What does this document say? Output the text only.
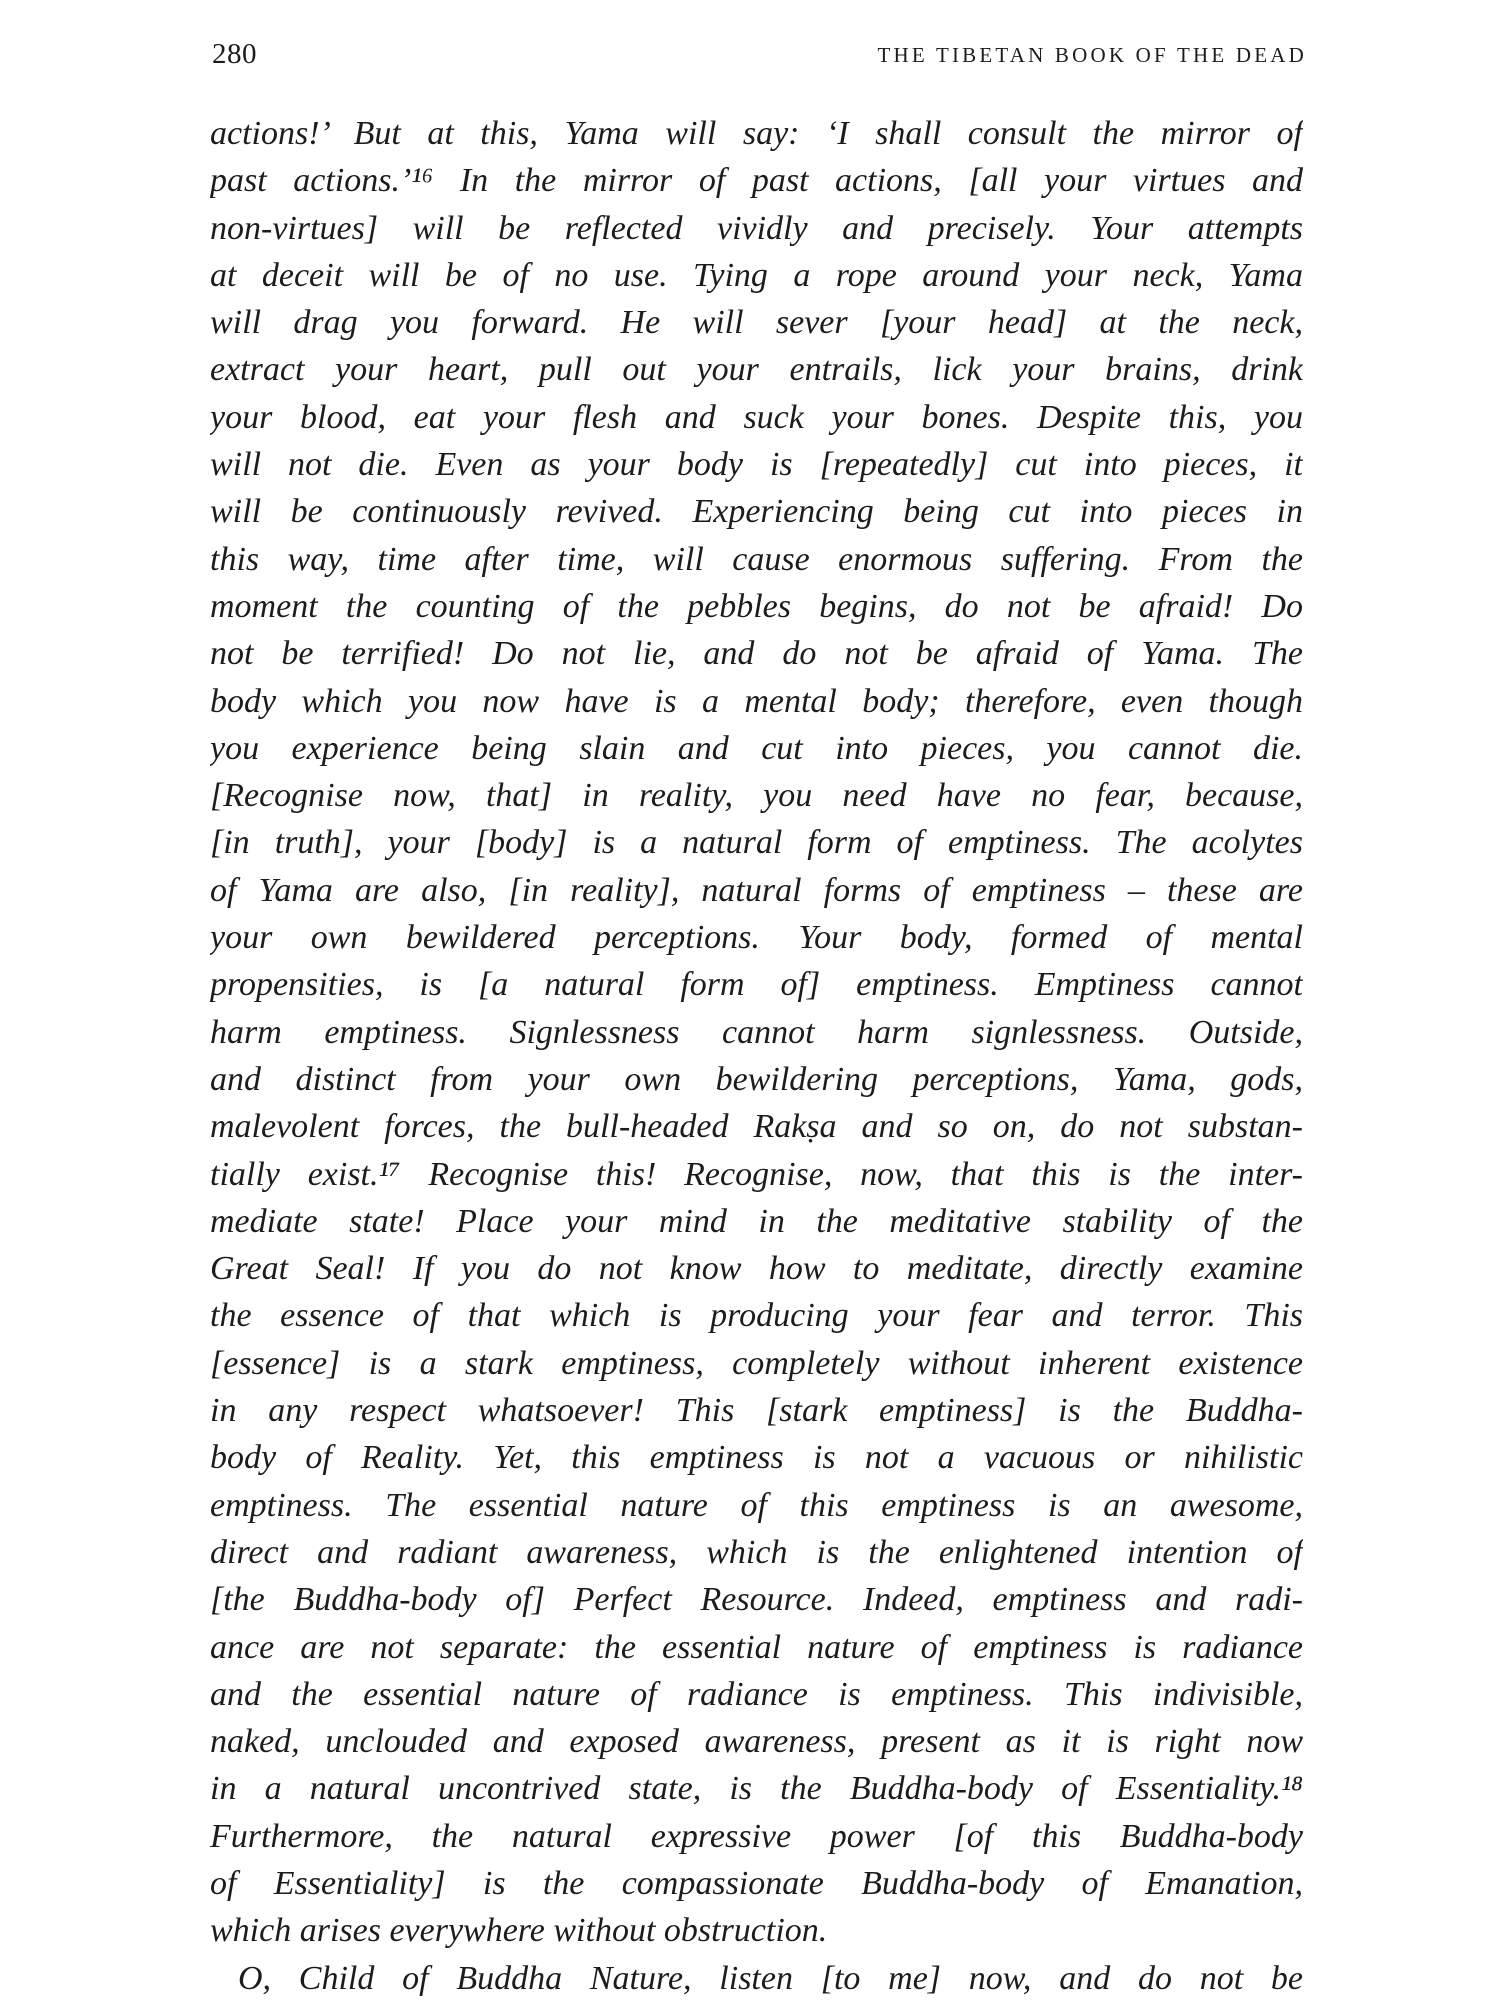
280	THE TIBETAN BOOK OF THE DEAD
actions!’ But at this, Yama will say: ‘I shall consult the mirror of
past actions.’¹⁶ In the mirror of past actions, [all your virtues and
non-virtues] will be reflected vividly and precisely. Your attempts
at deceit will be of no use. Tying a rope around your neck, Yama
will drag you forward. He will sever [your head] at the neck,
extract your heart, pull out your entrails, lick your brains, drink
your blood, eat your flesh and suck your bones. Despite this, you
will not die. Even as your body is [repeatedly] cut into pieces, it
will be continuously revived. Experiencing being cut into pieces in
this way, time after time, will cause enormous suffering. From the
moment the counting of the pebbles begins, do not be afraid! Do
not be terrified! Do not lie, and do not be afraid of Yama. The
body which you now have is a mental body; therefore, even though
you experience being slain and cut into pieces, you cannot die.
[Recognise now, that] in reality, you need have no fear, because,
[in truth], your [body] is a natural form of emptiness. The acolytes
of Yama are also, [in reality], natural forms of emptiness – these are
your own bewildered perceptions. Your body, formed of mental
propensities, is [a natural form of] emptiness. Emptiness cannot
harm emptiness. Signlessness cannot harm signlessness. Outside,
and distinct from your own bewildering perceptions, Yama, gods,
malevolent forces, the bull-headed Rakṣa and so on, do not substan-
tially exist.¹⁷ Recognise this! Recognise, now, that this is the inter-
mediate state! Place your mind in the meditative stability of the
Great Seal! If you do not know how to meditate, directly examine
the essence of that which is producing your fear and terror. This
[essence] is a stark emptiness, completely without inherent existence
in any respect whatsoever! This [stark emptiness] is the Buddha-
body of Reality. Yet, this emptiness is not a vacuous or nihilistic
emptiness. The essential nature of this emptiness is an awesome,
direct and radiant awareness, which is the enlightened intention of
[the Buddha-body of] Perfect Resource. Indeed, emptiness and radi-
ance are not separate: the essential nature of emptiness is radiance
and the essential nature of radiance is emptiness. This indivisible,
naked, unclouded and exposed awareness, present as it is right now
in a natural uncontrived state, is the Buddha-body of Essentiality.¹⁸
Furthermore, the natural expressive power [of this Buddha-body
of Essentiality] is the compassionate Buddha-body of Emanation,
which arises everywhere without obstruction.
O, Child of Buddha Nature, listen [to me] now, and do not be
